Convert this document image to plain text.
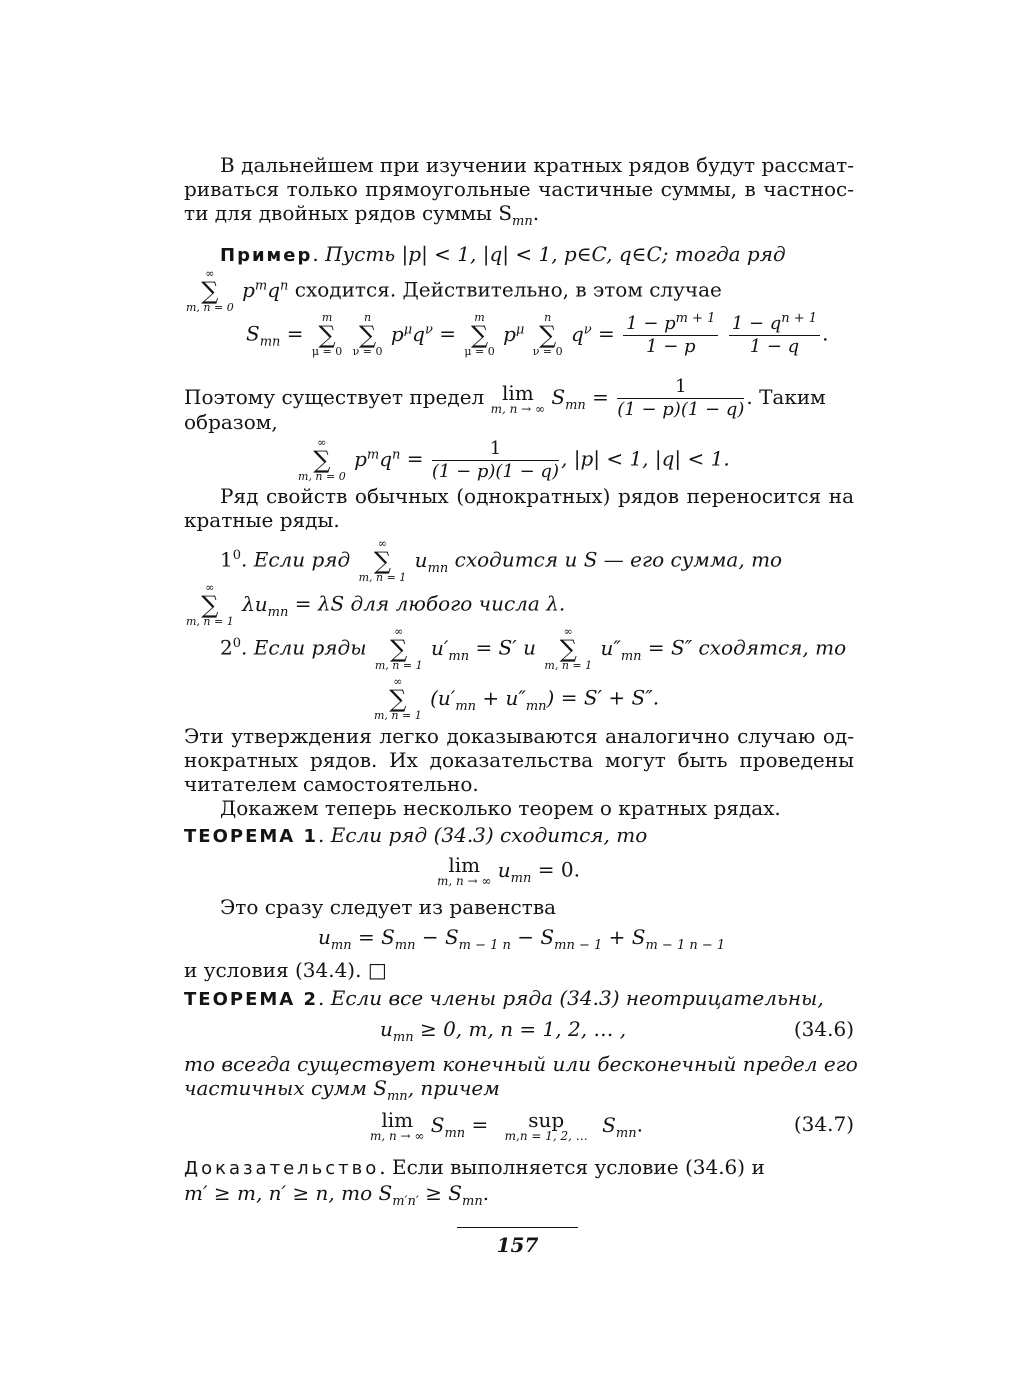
В дальнейшем при изучении кратных рядов будут рассмат-
риваться только прямоугольные частичные суммы, в частнос-
ти для двойных рядов суммы $S_{mn}$.
Пример. Пусть |p| < 1, |q| < 1, p∈C, q∈C; тогда ряд
∞
∑
m, n = 0
$p^mq^n$ сходится. Действительно, в этом случае
$S_{mn}$ =
m
∑
μ = 0

n
∑
ν = 0
$p^\mu q^\nu$ =
m
∑
μ = 0
$p^\mu$
n
∑
ν = 0
$q^\nu = \frac{1 - p^{m + 1}}{1 - p}$
$\frac{1 - q^{n + 1}}{1 - q}$ .
Поэтому существует предел lim
m, n → ∞ $S_{mn} = \frac{1}{(1 - p)(1 - q)}$ . Таким
образом,
∞
∑
m, n = 0
$p^mq^n = \frac{1}{(1 - p)(1 - q)}$ , |p| < 1, |q| < 1.
Ряд свойств обычных (однократных) рядов переносится на
кратные ряды.
$1^0$. Если ряд
∞
∑
m, n = 1
$u_{mn}$ сходится и S — его сумма, то
∞
∑
m, n = 1
$\lambda u_{mn} = \lambda S$ для любого числа λ.
$2^0$. Если ряды
∞
∑
m, n = 1
$u'_{mn} = S'$ и
∞
∑
m, n = 1
$u''_{mn} = S''$ сходятся, то
∞
∑
m, n = 1
$(u'_{mn} + u''_{mn}) = S' + S''$.
Эти утверждения легко доказываются аналогично случаю од-
нократных рядов. Их доказательства могут быть проведены
читателем самостоятельно.
Докажем теперь несколько теорем о кратных рядах.
ТЕОРЕМА 1. Если ряд (34.3) сходится, то
lim
m, n → ∞ $u_{mn} = 0$.
Это сразу следует из равенства
$u_{mn} = S_{mn} - S_{m - 1 n} - S_{mn - 1} + S_{m - 1 n - 1}$
и условия (34.4). □
ТЕОРЕМА 2. Если все члены ряда (34.3) неотрицательны,
$u_{mn} \ge 0$, m, n = 1, 2, … ,	(34.6)
то всегда существует конечный или бесконечный предел его
частичных сумм $S_{mn}$, причем
lim
m, n → ∞ $S_{mn}$ =	sup
m,n = 1, 2, … $S_{mn}$.	(34.7)
Доказательство. Если выполняется условие (34.6) и
m′ ≥ m, n′ ≥ n, то $S_{m'n'} \ge S_{mn}$.
157
